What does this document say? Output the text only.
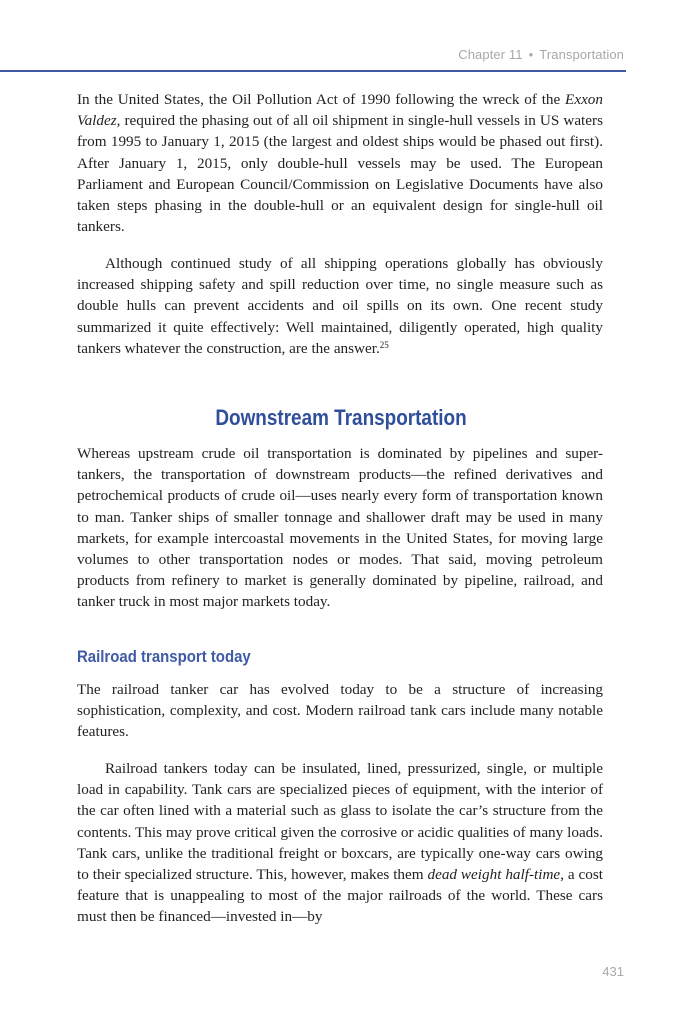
Chapter 11 • Transportation

In the United States, the Oil Pollution Act of 1990 following the wreck of the Exxon Valdez, required the phasing out of all oil shipment in single-hull vessels in US waters from 1995 to January 1, 2015 (the largest and oldest ships would be phased out first). After January 1, 2015, only double-hull vessels may be used. The European Parliament and European Council/Commission on Legislative Documents have also taken steps phasing in the double-hull or an equivalent design for single-hull oil tankers.

Although continued study of all shipping operations globally has obviously increased shipping safety and spill reduction over time, no single measure such as double hulls can prevent accidents and oil spills on its own. One recent study summarized it quite effectively: Well maintained, diligently operated, high quality tankers whatever the construction, are the answer.$^{25}$

Downstream Transportation

Whereas upstream crude oil transportation is dominated by pipelines and super-tankers, the transportation of downstream products—the refined derivatives and petrochemical products of crude oil—uses nearly every form of transportation known to man. Tanker ships of smaller tonnage and shallower draft may be used in many markets, for example intercoastal movements in the United States, for moving large volumes to other transportation nodes or modes. That said, moving petroleum products from refinery to market is generally dominated by pipeline, railroad, and tanker truck in most major markets today.

Railroad transport today

The railroad tanker car has evolved today to be a structure of increasing sophistication, complexity, and cost. Modern railroad tank cars include many notable features.

Railroad tankers today can be insulated, lined, pressurized, single, or multiple load in capability. Tank cars are specialized pieces of equipment, with the interior of the car often lined with a material such as glass to isolate the car’s structure from the contents. This may prove critical given the corrosive or acidic qualities of many loads. Tank cars, unlike the traditional freight or boxcars, are typically one-way cars owing to their specialized structure. This, however, makes them dead weight half-time, a cost feature that is unappealing to most of the major railroads of the world. These cars must then be financed—invested in—by

431
